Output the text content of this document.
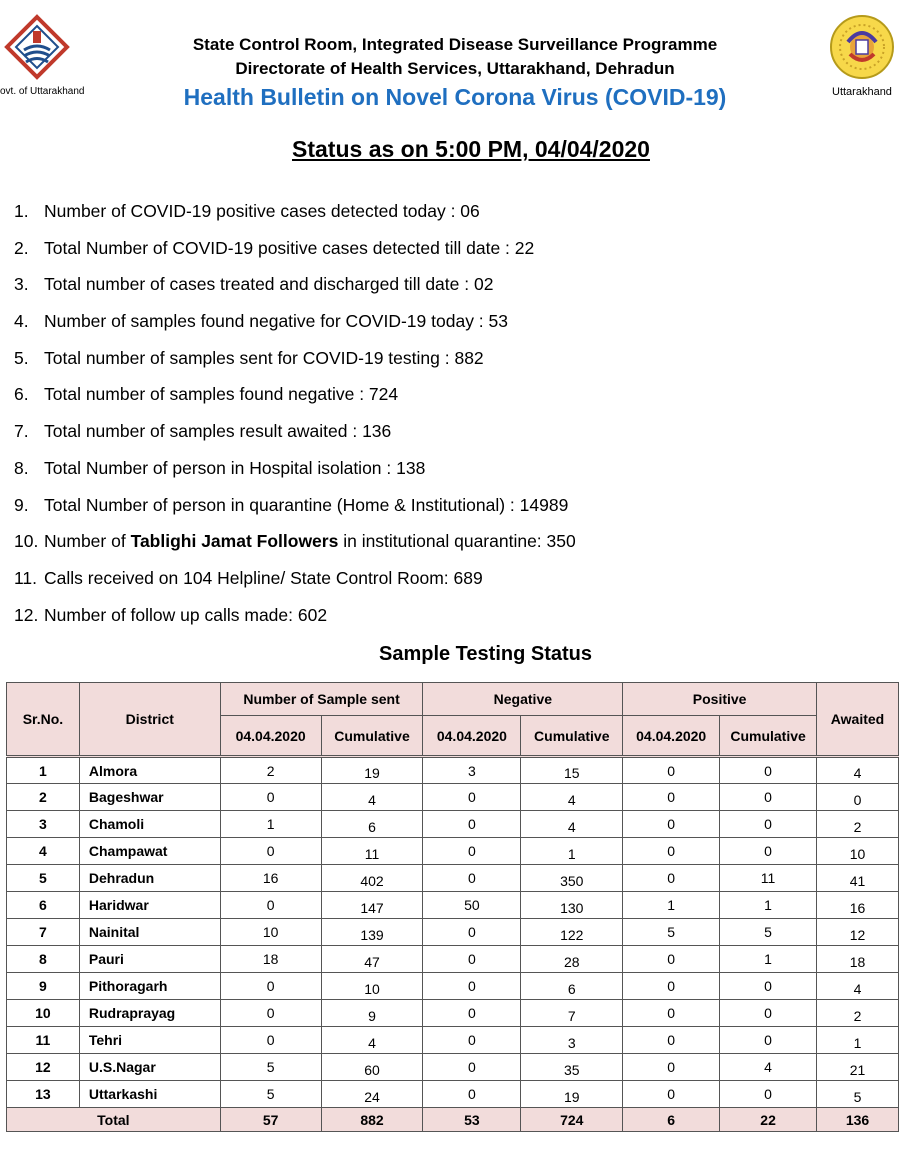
ovt. of Uttarakhand	Uttarakhand
State Control Room, Integrated Disease Surveillance Programme
Directorate of Health Services, Uttarakhand, Dehradun
Health Bulletin on Novel Corona Virus (COVID-19)
Status as on 5:00 PM, 04/04/2020
1. Number of COVID-19 positive cases detected today : 06
2. Total Number of COVID-19 positive cases detected till date : 22
3. Total number of cases treated and discharged till date : 02
4. Number of samples found negative for COVID-19 today : 53
5. Total number of samples sent for COVID-19 testing : 882
6. Total number of samples found negative : 724
7. Total number of samples result awaited : 136
8. Total Number of person in Hospital isolation : 138
9. Total Number of person in quarantine (Home & Institutional) : 14989
10. Number of Tablighi Jamat Followers in institutional quarantine: 350
11. Calls received on 104 Helpline/ State Control Room: 689
12. Number of follow up calls made: 602
Sample Testing Status
Sr.No.	District	Number of Sample sent		Negative		Positive		Awaited
		04.04.2020	Cumulative	04.04.2020	Cumulative	04.04.2020	Cumulative	
1	Almora	2	19	3	15	0	0	4
2	Bageshwar	0	4	0	4	0	0	0
3	Chamoli	1	6	0	4	0	0	2
4	Champawat	0	11	0	1	0	0	10
5	Dehradun	16	402	0	350	0	11	41
6	Haridwar	0	147	50	130	1	1	16
7	Nainital	10	139	0	122	5	5	12
8	Pauri	18	47	0	28	0	1	18
9	Pithoragarh	0	10	0	6	0	0	4
10	Rudraprayag	0	9	0	7	0	0	2
11	Tehri	0	4	0	3	0	0	1
12	U.S.Nagar	5	60	0	35	0	4	21
13	Uttarkashi	5	24	0	19	0	0	5
Total		57	882	53	724	6	22	136
